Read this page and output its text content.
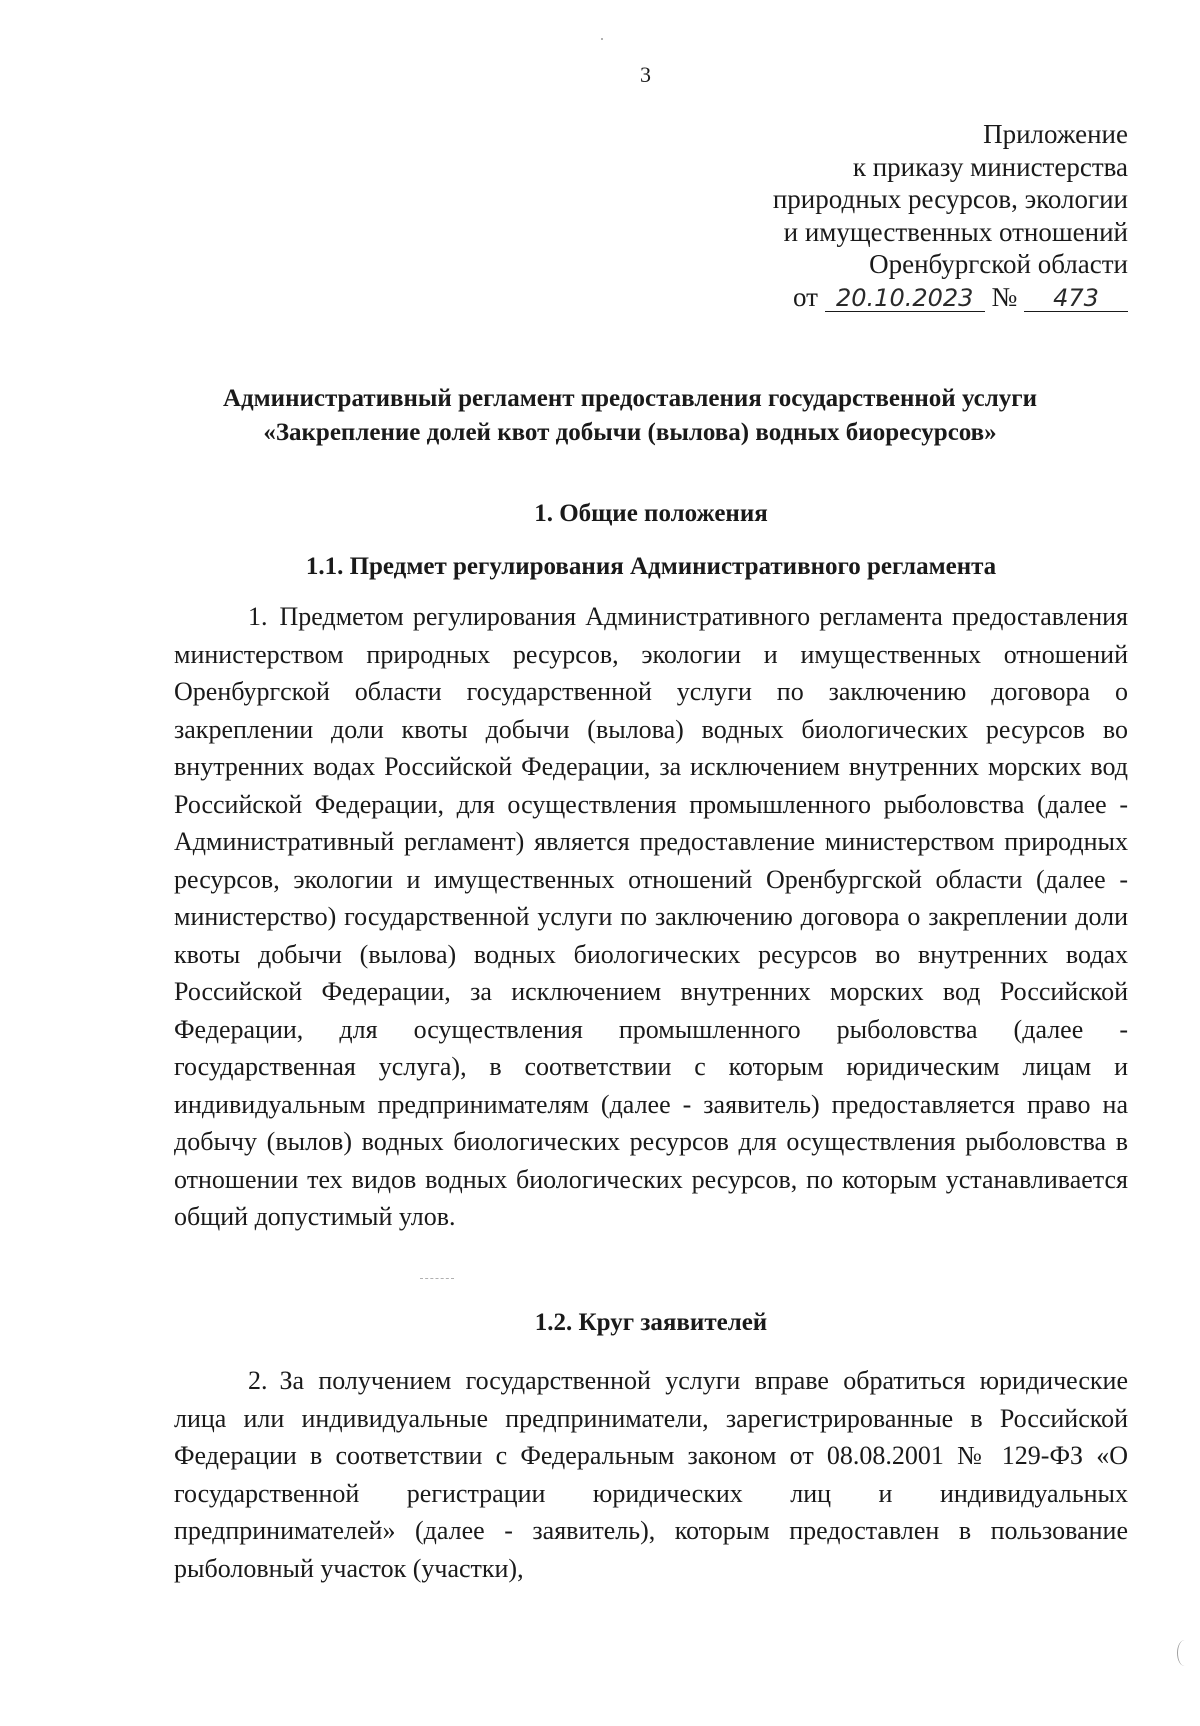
3
Приложение
к приказу министерства
природных ресурсов, экологии
и имущественных отношений
Оренбургской области
от 20.10.2023 № 473
Административный регламент предоставления государственной услуги
«Закрепление долей квот добычи (вылова) водных биоресурсов»
1. Общие положения
1.1. Предмет регулирования Административного регламента
1. Предметом регулирования Административного регламента предоставления министерством природных ресурсов, экологии и имущественных отношений Оренбургской области государственной услуги по заключению договора о закреплении доли квоты добычи (вылова) водных биологических ресурсов во внутренних водах Российской Федерации, за исключением внутренних морских вод Российской Федерации, для осуществления промышленного рыболовства (далее - Административный регламент) является предоставление министерством природных ресурсов, экологии и имущественных отношений Оренбургской области (далее - министерство) государственной услуги по заключению договора о закреплении доли квоты добычи (вылова) водных биологических ресурсов во внутренних водах Российской Федерации, за исключением внутренних морских вод Российской Федерации, для осуществления промышленного рыболовства (далее - государственная услуга), в соответствии с которым юридическим лицам и индивидуальным предпринимателям (далее - заявитель) предоставляется право на добычу (вылов) водных биологических ресурсов для осуществления рыболовства в отношении тех видов водных биологических ресурсов, по которым устанавливается общий допустимый улов.
1.2. Круг заявителей
2. За получением государственной услуги вправе обратиться юридические лица или индивидуальные предприниматели, зарегистрированные в Российской Федерации в соответствии с Федеральным законом от 08.08.2001 № 129-ФЗ «О государственной регистрации юридических лиц и индивидуальных предпринимателей» (далее - заявитель), которым предоставлен в пользование рыболовный участок (участки),
